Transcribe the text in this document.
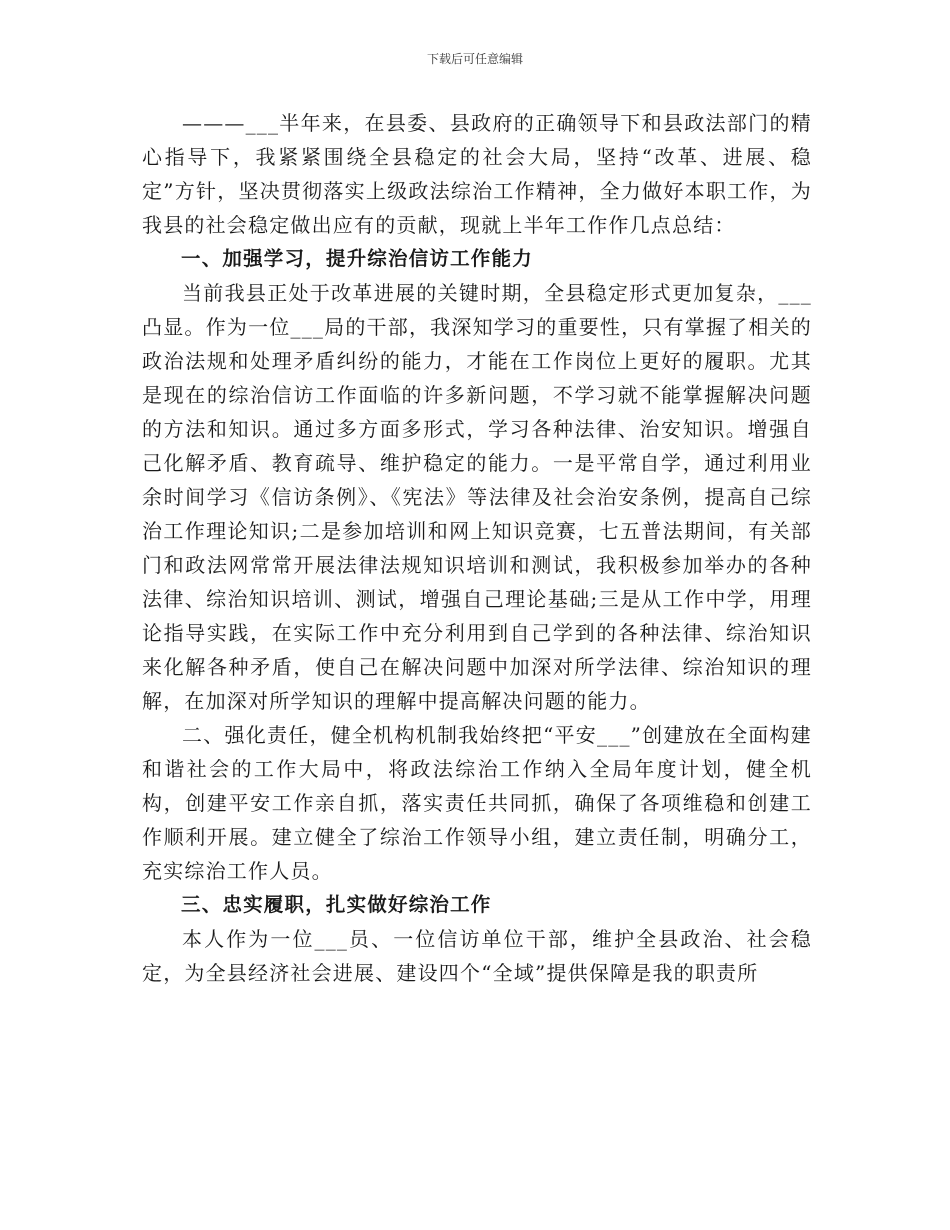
下载后可任意编辑

———___半年来，在县委、县政府的正确领导下和县政法部门的精心指导下，我紧紧围绕全县稳定的社会大局，坚持“改革、进展、稳定”方针，坚决贯彻落实上级政法综治工作精神，全力做好本职工作，为我县的社会稳定做出应有的贡献，现就上半年工作作几点总结：

一、加强学习，提升综治信访工作能力

当前我县正处于改革进展的关键时期，全县稳定形式更加复杂，___凸显。作为一位___局的干部，我深知学习的重要性，只有掌握了相关的政治法规和处理矛盾纠纷的能力，才能在工作岗位上更好的履职。尤其是现在的综治信访工作面临的许多新问题，不学习就不能掌握解决问题的方法和知识。通过多方面多形式，学习各种法律、治安知识。增强自己化解矛盾、教育疏导、维护稳定的能力。一是平常自学，通过利用业余时间学习《信访条例》、《宪法》等法律及社会治安条例，提高自己综治工作理论知识;二是参加培训和网上知识竞赛，七五普法期间，有关部门和政法网常常开展法律法规知识培训和测试，我积极参加举办的各种法律、综治知识培训、测试，增强自己理论基础;三是从工作中学，用理论指导实践，在实际工作中充分利用到自己学到的各种法律、综治知识来化解各种矛盾，使自己在解决问题中加深对所学法律、综治知识的理解，在加深对所学知识的理解中提高解决问题的能力。

二、强化责任，健全机构机制我始终把“平安___”创建放在全面构建和谐社会的工作大局中，将政法综治工作纳入全局年度计划，健全机构，创建平安工作亲自抓，落实责任共同抓，确保了各项维稳和创建工作顺利开展。建立健全了综治工作领导小组，建立责任制，明确分工，充实综治工作人员。

三、忠实履职，扎实做好综治工作

本人作为一位___员、一位信访单位干部，维护全县政治、社会稳定，为全县经济社会进展、建设四个“全域”提供保障是我的职责所
